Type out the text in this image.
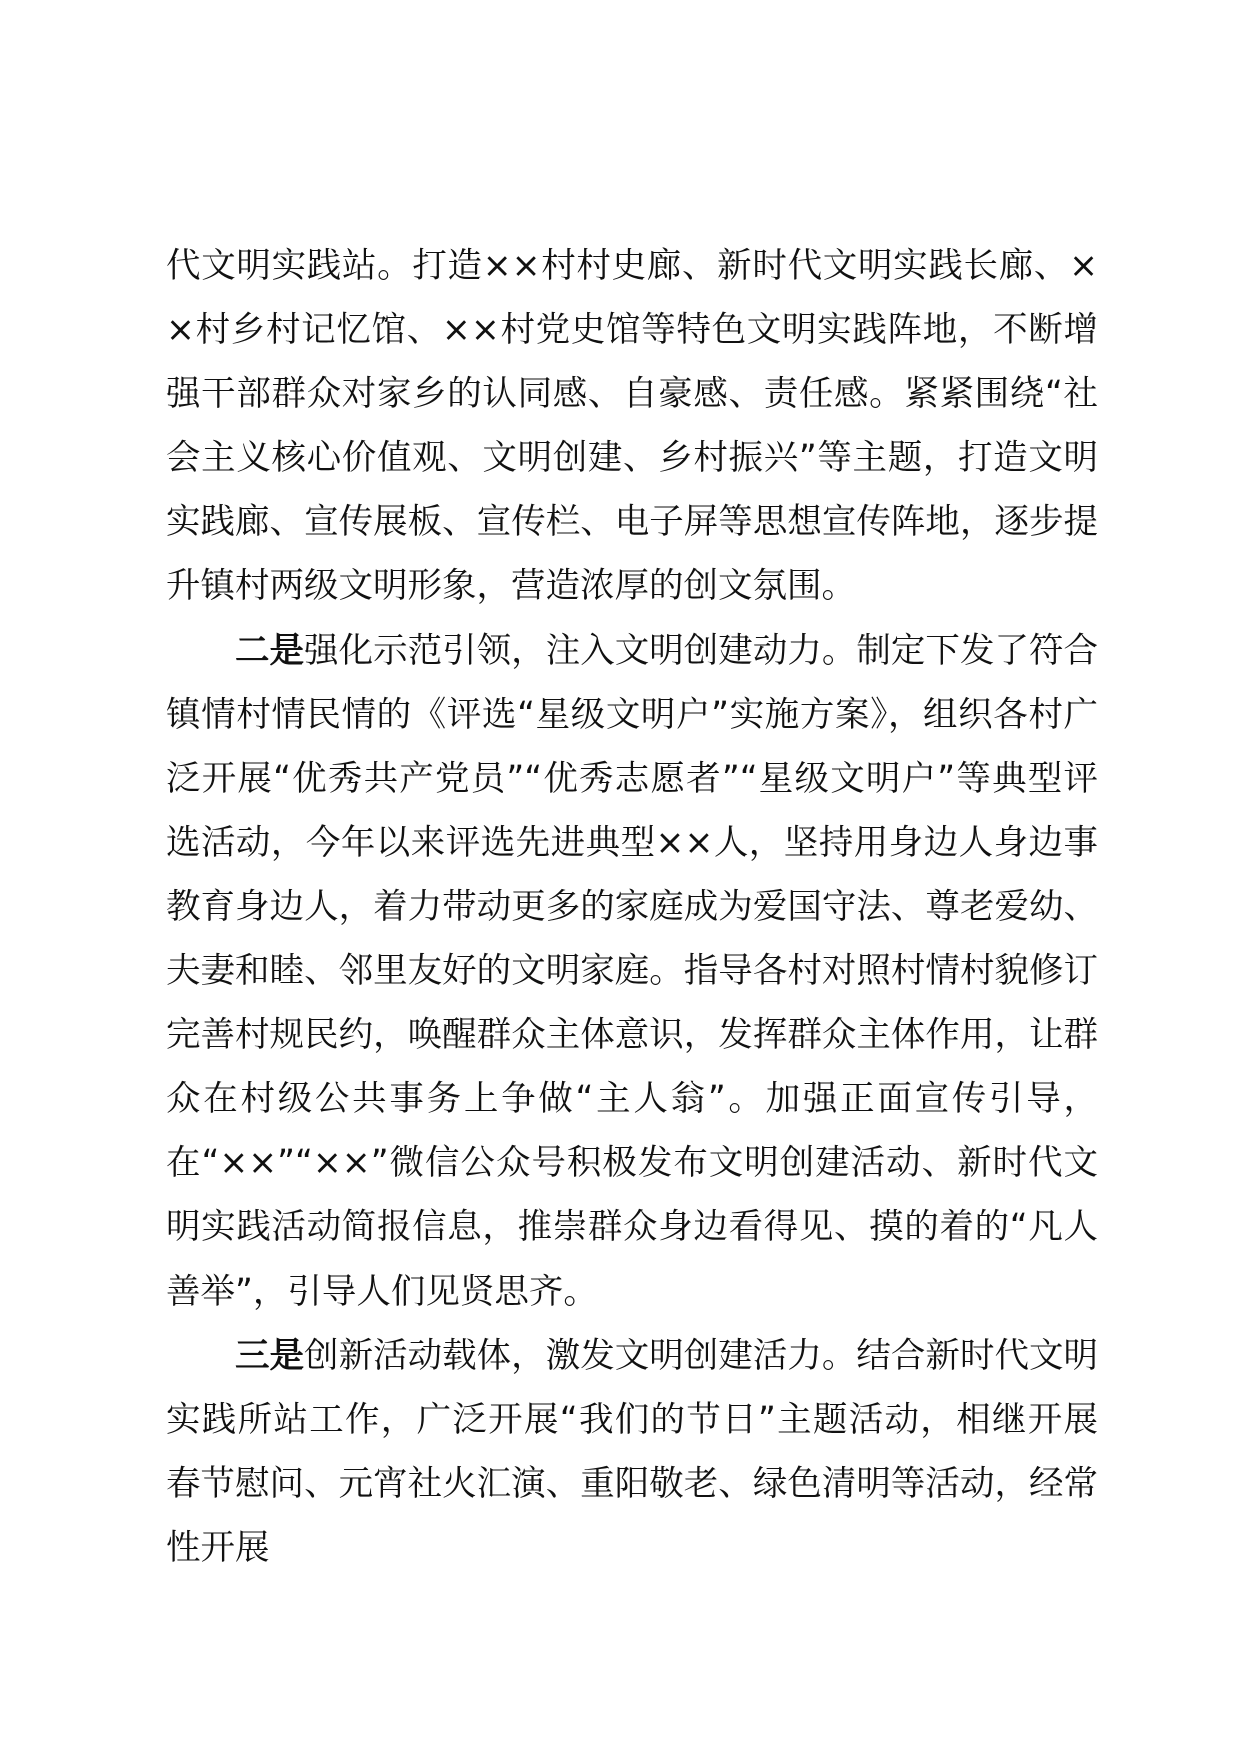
代文明实践站。打造××村村史廊、新时代文明实践长廊、××村乡村记忆馆、××村党史馆等特色文明实践阵地，不断增强干部群众对家乡的认同感、自豪感、责任感。紧紧围绕“社会主义核心价值观、文明创建、乡村振兴”等主题，打造文明实践廊、宣传展板、宣传栏、电子屏等思想宣传阵地，逐步提升镇村两级文明形象，营造浓厚的创文氛围。

二是强化示范引领，注入文明创建动力。制定下发了符合镇情村情民情的《评选“星级文明户”实施方案》，组织各村广泛开展“优秀共产党员”“优秀志愿者”“星级文明户”等典型评选活动，今年以来评选先进典型××人，坚持用身边人身边事教育身边人，着力带动更多的家庭成为爱国守法、尊老爱幼、夫妻和睦、邻里友好的文明家庭。指导各村对照村情村貌修订完善村规民约，唤醒群众主体意识，发挥群众主体作用，让群众在村级公共事务上争做“主人翁”。加强正面宣传引导，在“××”“××”微信公众号积极发布文明创建活动、新时代文明实践活动简报信息，推崇群众身边看得见、摸的着的“凡人善举”，引导人们见贤思齐。

三是创新活动载体，激发文明创建活力。结合新时代文明实践所站工作，广泛开展“我们的节日”主题活动，相继开展春节慰问、元宵社火汇演、重阳敬老、绿色清明等活动，经常性开展
